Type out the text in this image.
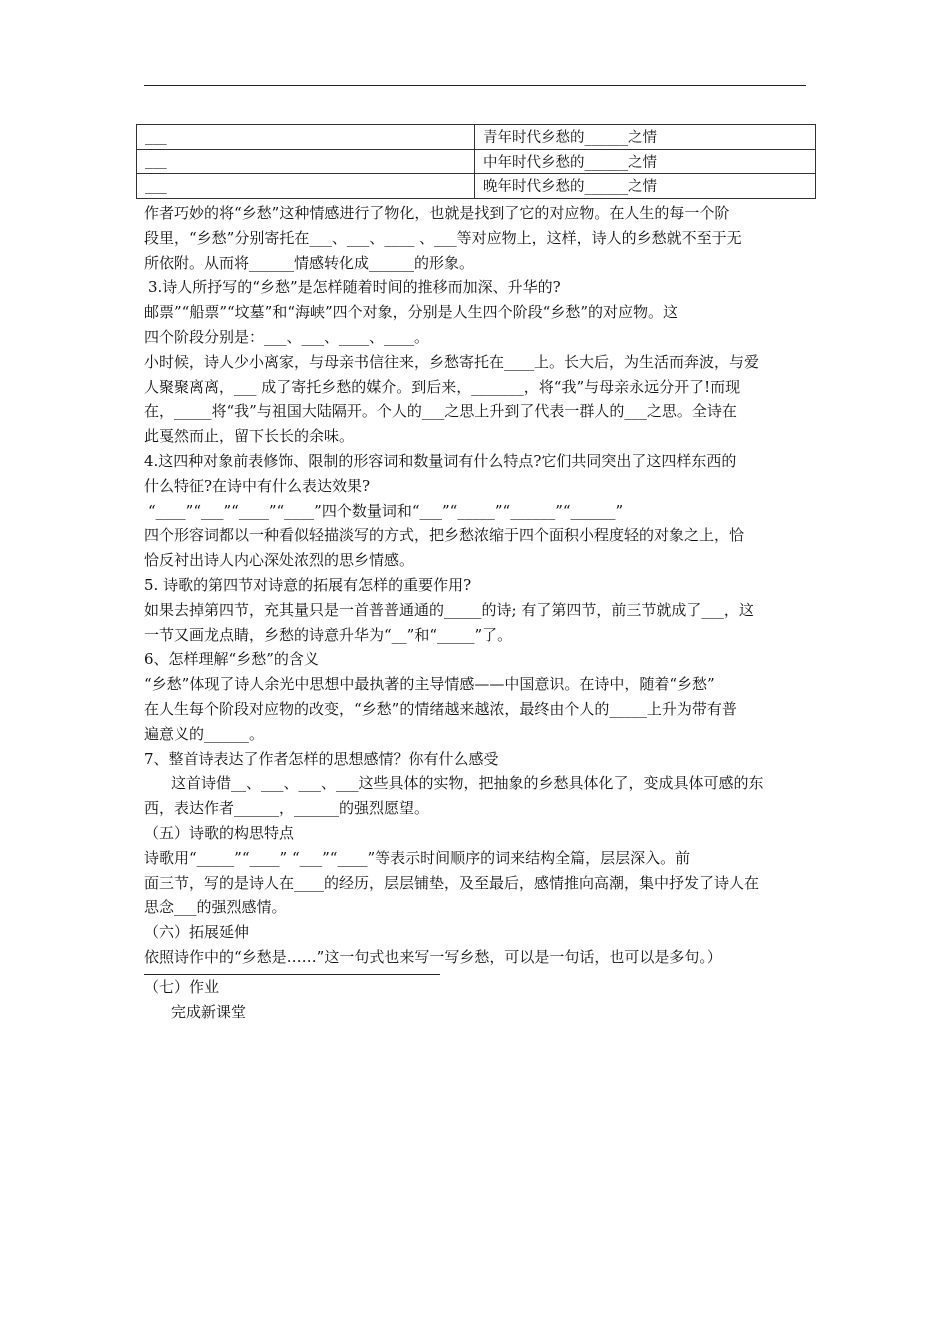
___	青年时代乡愁的______之情
___	中年时代乡愁的______之情
___	晚年时代乡愁的______之情

作者巧妙的将“乡愁”这种情感进行了物化，也就是找到了它的对应物。在人生的每一个阶

段里，“乡愁”分别寄托在___、___、____ 、___等对应物上，这样，诗人的乡愁就不至于无

所依附。从而将______情感转化成______的形象。

3.诗人所抒写的“乡愁”是怎样随着时间的推移而加深、升华的?

邮票”“船票”“坟墓”和“海峡”四个对象，分别是人生四个阶段“乡愁”的对应物。这

四个阶段分别是：___、___、____、____。

小时候，诗人少小离家，与母亲书信往来，乡愁寄托在____上。长大后，为生活而奔波，与爱

人聚聚离离，___ 成了寄托乡愁的媒介。到后来，_______，将“我”与母亲永远分开了!而现

在，_____将“我”与祖国大陆隔开。个人的___之思上升到了代表一群人的___之思。全诗在

此戛然而止，留下长长的余味。

4.这四种对象前表修饰、限制的形容词和数量词有什么特点?它们共同突出了这四样东西的

什么特征?在诗中有什么表达效果?

“____”“___”“____”“____”四个数量词和“___”“_____”“______”“______”

四个形容词都以一种看似轻描淡写的方式，把乡愁浓缩于四个面积小程度轻的对象之上，恰

恰反衬出诗人内心深处浓烈的思乡情感。

5. 诗歌的第四节对诗意的拓展有怎样的重要作用?

如果去掉第四节，充其量只是一首普普通通的_____的诗; 有了第四节，前三节就成了___，这

一节又画龙点睛，乡愁的诗意升华为“__”和“_____”了。

6、怎样理解“乡愁”的含义

“乡愁”体现了诗人余光中思想中最执著的主导情感——中国意识。在诗中，随着“乡愁”

在人生每个阶段对应物的改变，“乡愁”的情绪越来越浓，最终由个人的_____上升为带有普

遍意义的______。

7、整首诗表达了作者怎样的思想感情？你有什么感受

这首诗借__、___、___、___这些具体的实物，把抽象的乡愁具体化了，变成具体可感的东

西，表达作者______，______的强烈愿望。

（五）诗歌的构思特点

诗歌用“_____”“____” “___”“____”等表示时间顺序的词来结构全篇，层层深入。前

面三节，写的是诗人在____的经历，层层铺垫，及至最后，感情推向高潮，集中抒发了诗人在

思念___的强烈感情。

（六）拓展延伸

依照诗作中的“乡愁是……”这一句式也来写一写乡愁，可以是一句话，也可以是多句。）

（七）作业

完成新课堂
